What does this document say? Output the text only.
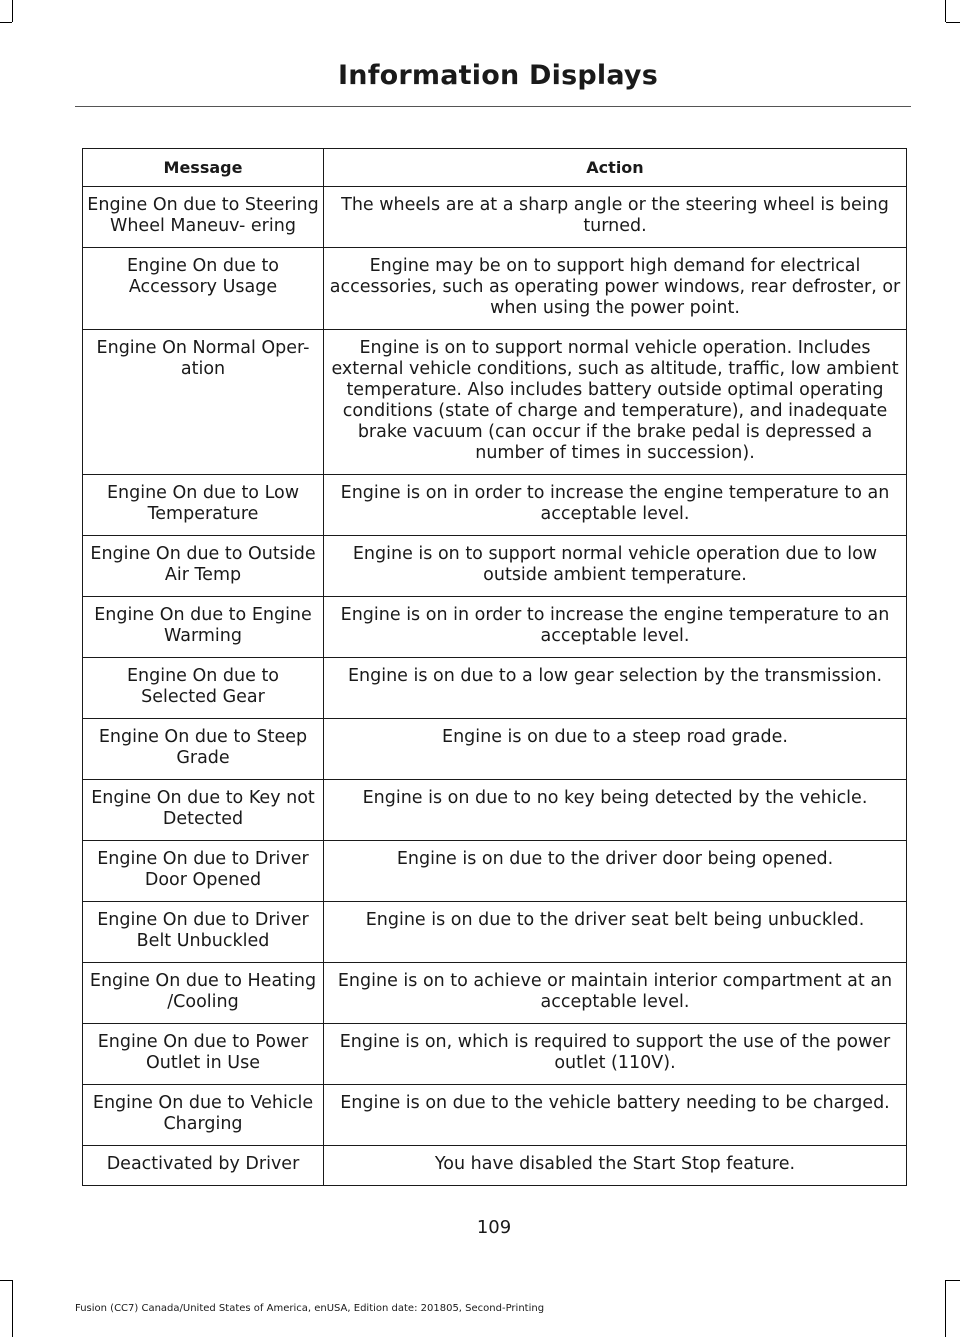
Information Displays
Message	Action
Engine On due to Steering Wheel Maneuv- ering	The wheels are at a sharp angle or the steering wheel is being turned.
Engine On due to Accessory Usage	Engine may be on to support high demand for electrical accessories, such as operating power windows, rear defroster, or when using the power point.
Engine On Normal Oper- ation	Engine is on to support normal vehicle operation. Includes external vehicle conditions, such as altitude, traffic, low ambient temperature. Also includes battery outside optimal operating conditions (state of charge and temperature), and inadequate brake vacuum (can occur if the brake pedal is depressed a number of times in succession).
Engine On due to Low Temperature	Engine is on in order to increase the engine temperature to an acceptable level.
Engine On due to Outside Air Temp	Engine is on to support normal vehicle operation due to low outside ambient temperature.
Engine On due to Engine Warming	Engine is on in order to increase the engine temperature to an acceptable level.
Engine On due to Selected Gear	Engine is on due to a low gear selection by the transmission.
Engine On due to Steep Grade	Engine is on due to a steep road grade.
Engine On due to Key not Detected	Engine is on due to no key being detected by the vehicle.
Engine On due to Driver Door Opened	Engine is on due to the driver door being opened.
Engine On due to Driver Belt Unbuckled	Engine is on due to the driver seat belt being unbuckled.
Engine On due to Heating /Cooling	Engine is on to achieve or maintain interior compartment at an acceptable level.
Engine On due to Power Outlet in Use	Engine is on, which is required to support the use of the power outlet (110V).
Engine On due to Vehicle Charging	Engine is on due to the vehicle battery needing to be charged.
Deactivated by Driver	You have disabled the Start Stop feature.
109
Fusion (CC7) Canada/United States of America, enUSA, Edition date: 201805, Second-Printing
